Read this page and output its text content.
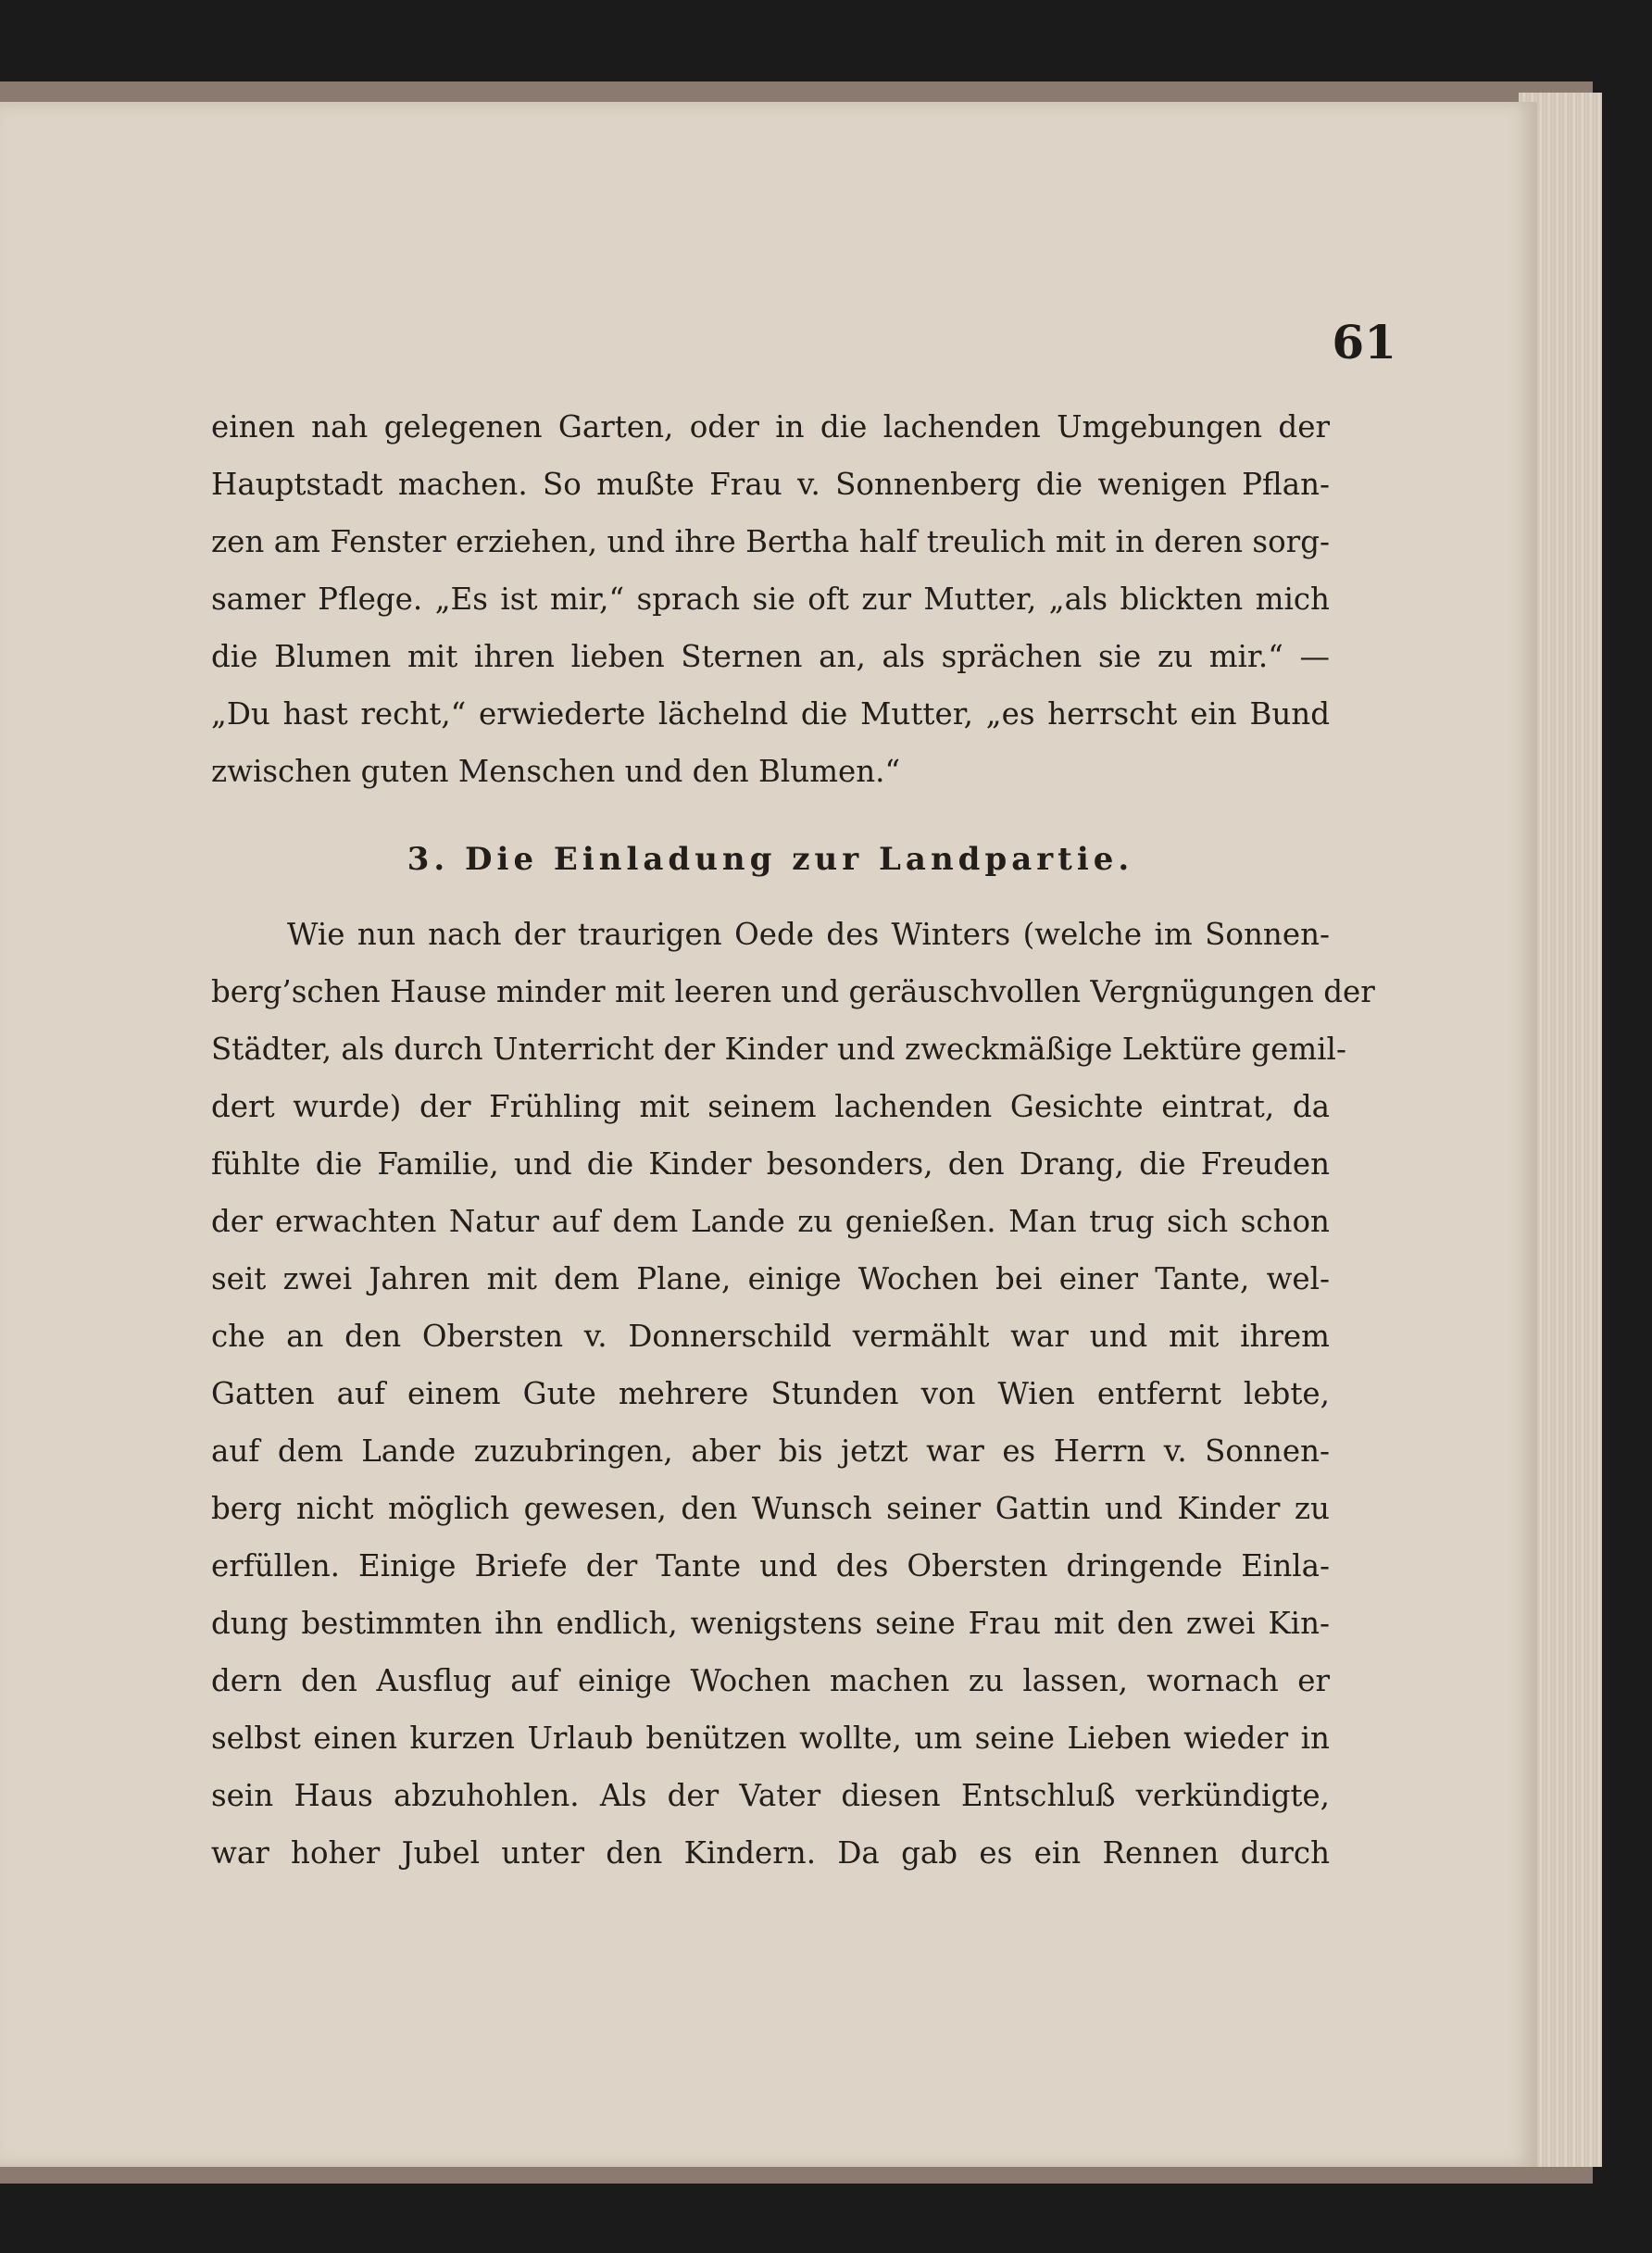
61
einen nah gelegenen Garten, oder in die lachenden Umgebungen der
Hauptstadt machen. So mußte Frau v. Sonnenberg die wenigen Pflan-
zen am Fenster erziehen, und ihre Bertha half treulich mit in deren sorg-
samer Pflege. „Es ist mir,“ sprach sie oft zur Mutter, „als blickten mich
die Blumen mit ihren lieben Sternen an, als sprächen sie zu mir.“ —
„Du hast recht,“ erwiederte lächelnd die Mutter, „es herrscht ein Bund
zwischen guten Menschen und den Blumen.“
3. Die Einladung zur Landpartie.
Wie nun nach der traurigen Oede des Winters (welche im Sonnen-
berg’schen Hause minder mit leeren und geräuschvollen Vergnügungen der
Städter, als durch Unterricht der Kinder und zweckmäßige Lektüre gemil-
dert wurde) der Frühling mit seinem lachenden Gesichte eintrat, da
fühlte die Familie, und die Kinder besonders, den Drang, die Freuden
der erwachten Natur auf dem Lande zu genießen. Man trug sich schon
seit zwei Jahren mit dem Plane, einige Wochen bei einer Tante, wel-
che an den Obersten v. Donnerschild vermählt war und mit ihrem
Gatten auf einem Gute mehrere Stunden von Wien entfernt lebte,
auf dem Lande zuzubringen, aber bis jetzt war es Herrn v. Sonnen-
berg nicht möglich gewesen, den Wunsch seiner Gattin und Kinder zu
erfüllen. Einige Briefe der Tante und des Obersten dringende Einla-
dung bestimmten ihn endlich, wenigstens seine Frau mit den zwei Kin-
dern den Ausflug auf einige Wochen machen zu lassen, wornach er
selbst einen kurzen Urlaub benützen wollte, um seine Lieben wieder in
sein Haus abzuhohlen. Als der Vater diesen Entschluß verkündigte,
war hoher Jubel unter den Kindern. Da gab es ein Rennen durch
